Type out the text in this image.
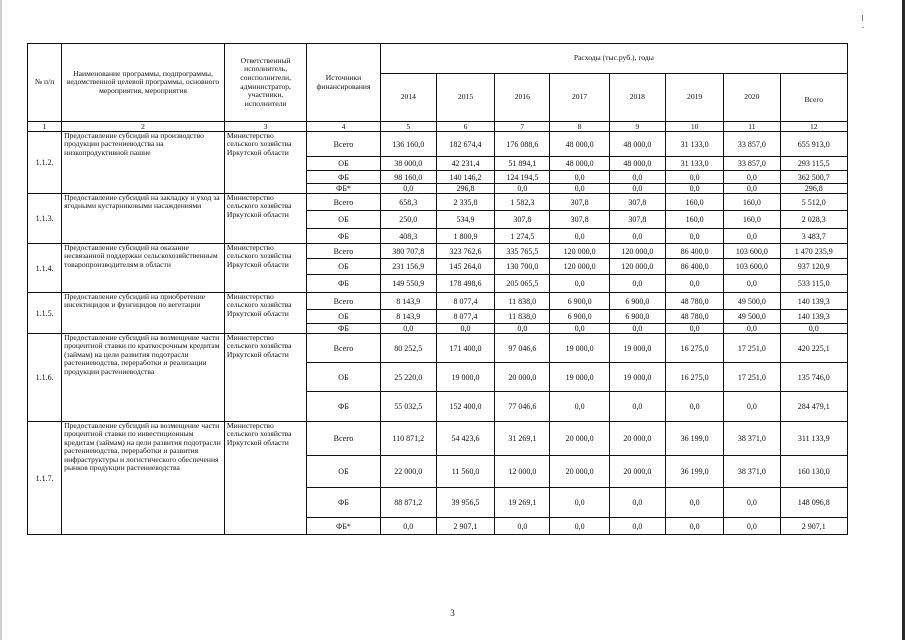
№ п/п	Наименование программы, подпрограммы, ведомственной целевой программы, основного мероприятия, мероприятия	Ответственный исполнитель, соисполнители, администратор, участники, исполнители	Источники финансирования	Расходы (тыс.руб.), годы							
				2014	2015	2016	2017	2018	2019	2020	Всего
1	2	3	4	5	6	7	8	9	10	11	12
1.1.2.	Предоставление субсидий на производство продукции растениеводства на низкопродуктивной пашне	Министерство сельского хозяйства Иркутской области	Всего	136 160,0	182 674,4	176 088,6	48 000,0	48 000,0	31 133,0	33 857,0	655 913,0
			ОБ	38 000,0	42 231,4	51 894,1	48 000,0	48 000,0	31 133,0	33 857,0	293 115,5
			ФБ	98 160,0	140 146,2	124 194,5	0,0	0,0	0,0	0,0	362 500,7
			ФБ*	0,0	296,8	0,0	0,0	0,0	0,0	0,0	296,8
1.1.3.	Предоставление субсидий на закладку и уход за ягодными кустарниковыми насаждениями	Министерство сельского хозяйства Иркутской области	Всего	658,3	2 335,8	1 582,3	307,8	307,8	160,0	160,0	5 512,0
			ОБ	250,0	534,9	307,8	307,8	307,8	160,0	160,0	2 028,3
			ФБ	408,3	1 800,9	1 274,5	0,0	0,0	0,0	0,0	3 483,7
1.1.4.	Предоставление субсидий на оказание несвязанной поддержки сельскохозяйственным товаропроизводителям в области	Министерство сельского хозяйства Иркутской области	Всего	380 707,8	323 762,6	335 765,5	120 000,0	120 000,0	86 400,0	103 600,0	1 470 235,9
			ОБ	231 156,9	145 264,0	130 700,0	120 000,0	120 000,0	86 400,0	103 600,0	937 120,9
			ФБ	149 550,9	178 498,6	205 065,5	0,0	0,0	0,0	0,0	533 115,0
1.1.5.	Предоставление субсидий на приобретение инсектицидов и фунгицидов по вегетации	Министерство сельского хозяйства Иркутской области	Всего	8 143,9	8 077,4	11 838,0	6 900,0	6 900,0	48 780,0	49 500,0	140 139,3
			ОБ	8 143,9	8 077,4	11 838,0	6 900,0	6 900,0	48 780,0	49 500,0	140 139,3
			ФБ	0,0	0,0	0,0	0,0	0,0	0,0	0,0	0,0
1.1.6.	Предоставление субсидий на возмещение части процентной ставки по краткосрочным кредитам (займам) на цели развития подотрасли растениеводства, переработки и реализации продукции растениеводства	Министерство сельского хозяйства Иркутской области	Всего	80 252,5	171 400,0	97 046,6	19 000,0	19 000,0	16 275,0	17 251,0	420 225,1
			ОБ	25 220,0	19 000,0	20 000,0	19 000,0	19 000,0	16 275,0	17 251,0	135 746,0
			ФБ	55 032,5	152 400,0	77 046,6	0,0	0,0	0,0	0,0	284 479,1
1.1.7.	Предоставление субсидий на возмещение части процентной ставки по инвестиционным кредитам (займам) на цели развития подотрасли растениеводства, переработки и развития инфраструктуры и логистического обеспечения рынков продукции растениеводства	Министерство сельского хозяйства Иркутской области	Всего	110 871,2	54 423,6	31 269,1	20 000,0	20 000,0	36 199,0	38 371,0	311 133,9
			ОБ	22 000,0	11 560,0	12 000,0	20 000,0	20 000,0	36 199,0	38 371,0	160 130,0
			ФБ	88 871,2	39 956,5	19 269,1	0,0	0,0	0,0	0,0	148 096,8
			ФБ*	0,0	2 907,1	0,0	0,0	0,0	0,0	0,0	2 907,1
3
